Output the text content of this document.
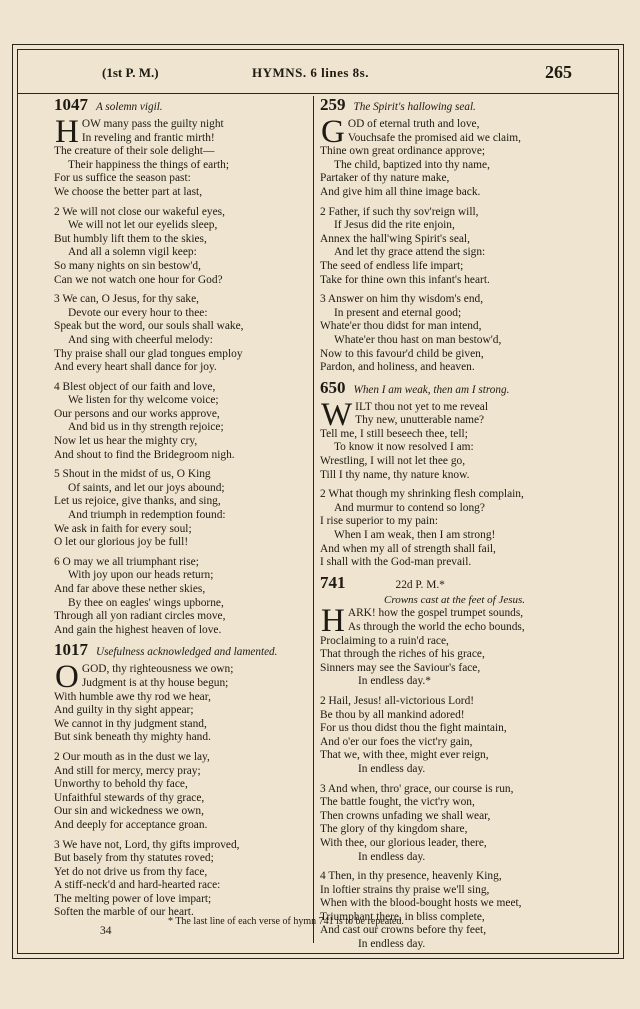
(1st P. M.)	HYMNS. 6 lines 8s.	265
1047 A solemn vigil.
H OW many pass the guilty night
In reveling and frantic mirth!
The creature of their sole delight—
Their happiness the things of earth;
For us suffice the season past:
We choose the better part at last,
2 We will not close our wakeful eyes,
We will not let our eyelids sleep,
But humbly lift them to the skies,
And all a solemn vigil keep:
So many nights on sin bestow'd,
Can we not watch one hour for God?
3 We can, O Jesus, for thy sake,
Devote our every hour to thee:
Speak but the word, our souls shall wake,
And sing with cheerful melody:
Thy praise shall our glad tongues employ
And every heart shall dance for joy.
4 Blest object of our faith and love,
We listen for thy welcome voice;
Our persons and our works approve,
And bid us in thy strength rejoice;
Now let us hear the mighty cry,
And shout to find the Bridegroom nigh.
5 Shout in the midst of us, O King
Of saints, and let our joys abound;
Let us rejoice, give thanks, and sing,
And triumph in redemption found:
We ask in faith for every soul;
O let our glorious joy be full!
6 O may we all triumphant rise;
With joy upon our heads return;
And far above these nether skies,
By thee on eagles' wings upborne,
Through all yon radiant circles move,
And gain the highest heaven of love.
1017 Usefulness acknowledged and lamented.
O GOD, thy righteousness we own;
Judgment is at thy house begun;
With humble awe thy rod we hear,
And guilty in thy sight appear;
We cannot in thy judgment stand,
But sink beneath thy mighty hand.
2 Our mouth as in the dust we lay,
And still for mercy, mercy pray;
Unworthy to behold thy face,
Unfaithful stewards of thy grace,
Our sin and wickedness we own,
And deeply for acceptance groan.
3 We have not, Lord, thy gifts improved,
But basely from thy statutes roved;
Yet do not drive us from thy face,
A stiff-neck'd and hard-hearted race:
The melting power of love impart;
Soften the marble of our heart.
259 The Spirit's hallowing seal.
G OD of eternal truth and love,
Vouchsafe the promised aid we claim,
Thine own great ordinance approve;
The child, baptized into thy name,
Partaker of thy nature make,
And give him all thine image back.
2 Father, if such thy sov'reign will,
If Jesus did the rite enjoin,
Annex the hall'wing Spirit's seal,
And let thy grace attend the sign:
The seed of endless life impart;
Take for thine own this infant's heart.
3 Answer on him thy wisdom's end,
In present and eternal good;
Whate'er thou didst for man intend,
Whate'er thou hast on man bestow'd,
Now to this favour'd child be given,
Pardon, and holiness, and heaven.
650 When I am weak, then am I strong.
W ILT thou not yet to me reveal
Thy new, unutterable name?
Tell me, I still beseech thee, tell;
To know it now resolved I am:
Wrestling, I will not let thee go,
Till I thy name, thy nature know.
2 What though my shrinking flesh complain,
And murmur to contend so long?
I rise superior to my pain:
When I am weak, then I am strong!
And when my all of strength shall fail,
I shall with the God-man prevail.
741	22d P. M.*
Crowns cast at the feet of Jesus.
H ARK! how the gospel trumpet sounds,
As through the world the echo bounds,
Proclaiming to a ruin'd race,
That through the riches of his grace,
Sinners may see the Saviour's face,
In endless day.*
2 Hail, Jesus! all-victorious Lord!
Be thou by all mankind adored!
For us thou didst thou the fight maintain,
And o'er our foes the vict'ry gain,
That we, with thee, might ever reign,
In endless day.
3 And when, thro' grace, our course is run,
The battle fought, the vict'ry won,
Then crowns unfading we shall wear,
The glory of thy kingdom share,
With thee, our glorious leader, there,
In endless day.
4 Then, in thy presence, heavenly King,
In loftier strains thy praise we'll sing,
When with the blood-bought hosts we meet,
Triumphant there, in bliss complete,
And cast our crowns before thy feet,
In endless day.
34
* The last line of each verse of hymn 741 is to be repeated.
